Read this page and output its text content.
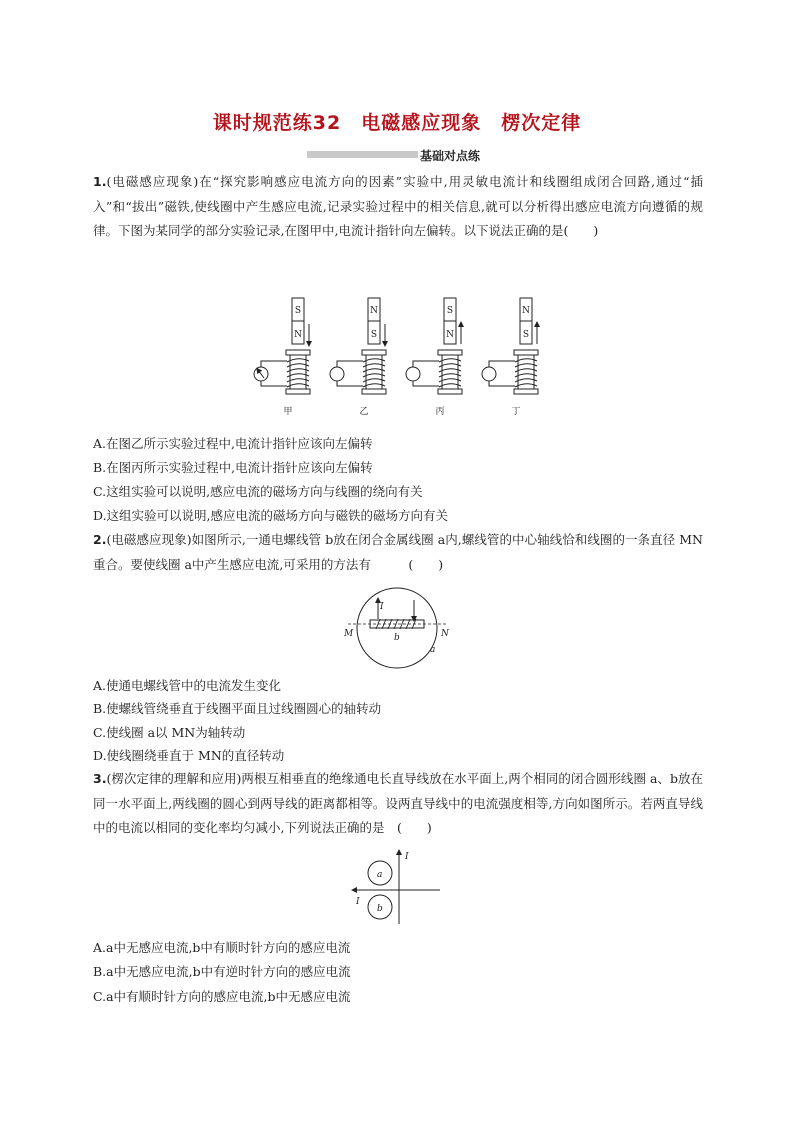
课时规范练32　电磁感应现象　楞次定律
基础对点练

1.(电磁感应现象)在“探究影响感应电流方向的因素”实验中,用灵敏电流计和线圈组成闭合回路,通过“插入”和“拔出”磁铁,使线圈中产生感应电流,记录实验过程中的相关信息,就可以分析得出感应电流方向遵循的规律。下图为某同学的部分实验记录,在图甲中,电流计指针向左偏转。以下说法正确的是(　　)

S
N
甲
N
S
乙
S
N
丙
N
S
丁
A.在图乙所示实验过程中,电流计指针应该向左偏转
B.在图丙所示实验过程中,电流计指针应该向左偏转
C.这组实验可以说明,感应电流的磁场方向与线圈的绕向有关
D.这组实验可以说明,感应电流的磁场方向与磁铁的磁场方向有关

2.(电磁感应现象)如图所示,一通电螺线管 b放在闭合金属线圈 a内,螺线管的中心轴线恰和线圈的一条直径 MN重合。要使线圈 a中产生感应电流,可采用的方法有　　　(　　)

I
M	N
b
a
A.使通电螺线管中的电流发生变化
B.使螺线管绕垂直于线圈平面且过线圈圆心的轴转动
C.使线圈 a以 MN为轴转动
D.使线圈绕垂直于 MN的直径转动

3.(楞次定律的理解和应用)两根互相垂直的绝缘通电长直导线放在水平面上,两个相同的闭合圆形线圈 a、b放在同一水平面上,两线圈的圆心到两导线的距离都相等。设两直导线中的电流强度相等,方向如图所示。若两直导线中的电流以相同的变化率均匀减小,下列说法正确的是　(　　)

I
I
a
b
A.a中无感应电流,b中有顺时针方向的感应电流
B.a中无感应电流,b中有逆时针方向的感应电流
C.a中有顺时针方向的感应电流,b中无感应电流
